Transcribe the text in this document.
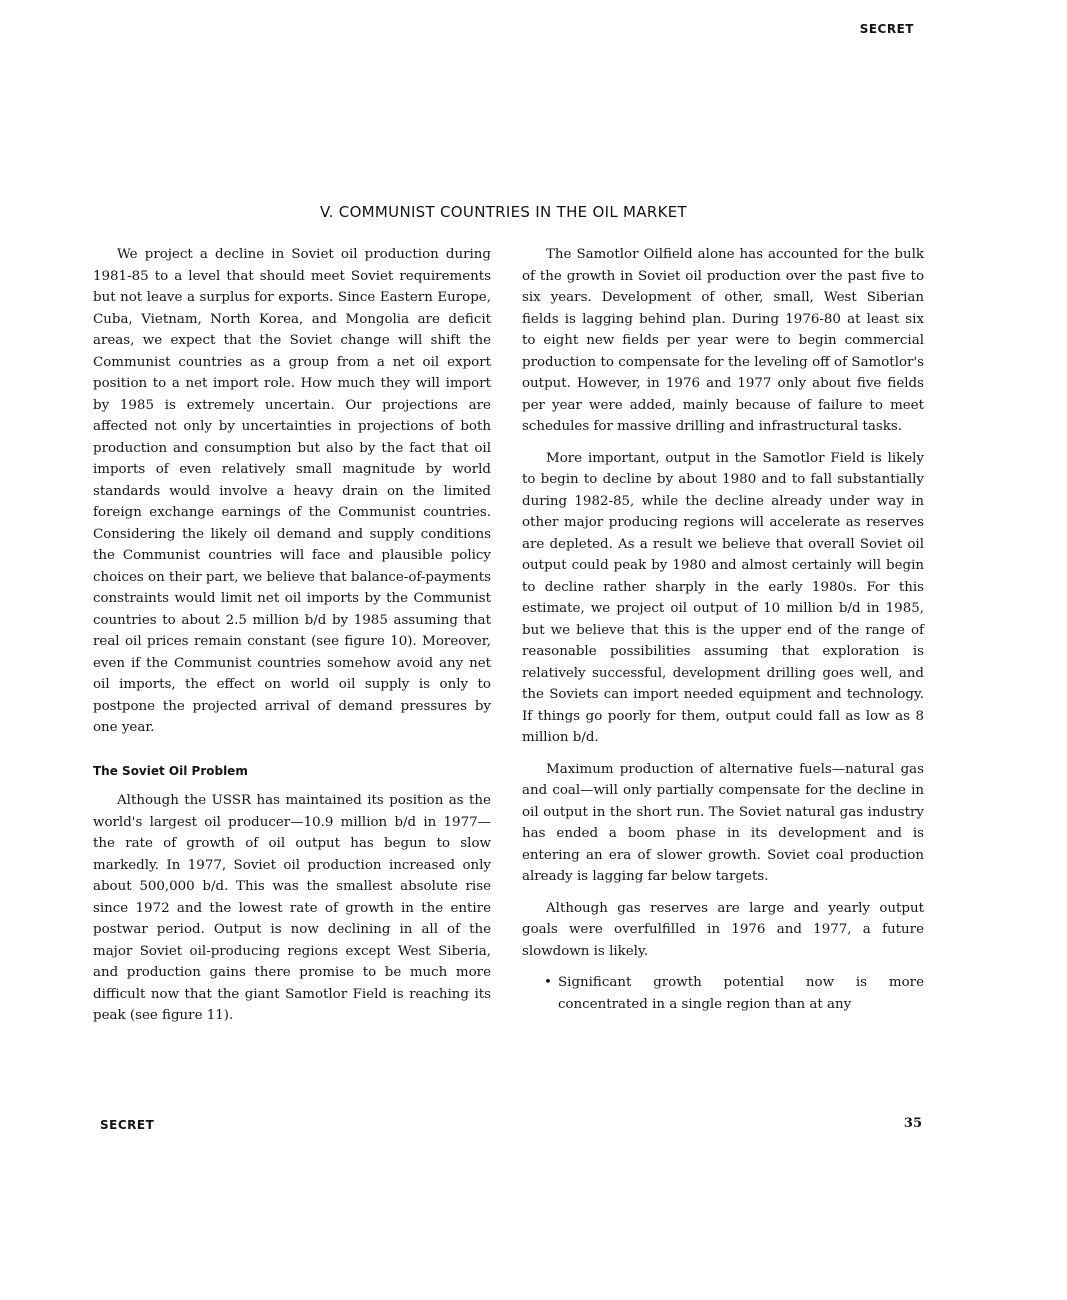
SECRET
V. COMMUNIST COUNTRIES IN THE OIL MARKET

We project a decline in Soviet oil production during 1981-85 to a level that should meet Soviet requirements but not leave a surplus for exports. Since Eastern Europe, Cuba, Vietnam, North Korea, and Mongolia are deficit areas, we expect that the Soviet change will shift the Communist countries as a group from a net oil export position to a net import role. How much they will import by 1985 is extremely uncertain. Our projections are affected not only by uncertainties in projections of both production and consumption but also by the fact that oil imports of even relatively small magnitude by world standards would involve a heavy drain on the limited foreign exchange earnings of the Communist countries. Considering the likely oil demand and supply conditions the Communist countries will face and plausible policy choices on their part, we believe that balance-of-payments constraints would limit net oil imports by the Communist countries to about 2.5 million b/d by 1985 assuming that real oil prices remain constant (see figure 10). Moreover, even if the Communist countries somehow avoid any net oil imports, the effect on world oil supply is only to postpone the projected arrival of demand pressures by one year.

The Soviet Oil Problem

Although the USSR has maintained its position as the world's largest oil producer—10.9 million b/d in 1977—the rate of growth of oil output has begun to slow markedly. In 1977, Soviet oil production increased only about 500,000 b/d. This was the smallest absolute rise since 1972 and the lowest rate of growth in the entire postwar period. Output is now declining in all of the major Soviet oil-producing regions except West Siberia, and production gains there promise to be much more difficult now that the giant Samotlor Field is reaching its peak (see figure 11).

The Samotlor Oilfield alone has accounted for the bulk of the growth in Soviet oil production over the past five to six years. Development of other, small, West Siberian fields is lagging behind plan. During 1976-80 at least six to eight new fields per year were to begin commercial production to compensate for the leveling off of Samotlor's output. However, in 1976 and 1977 only about five fields per year were added, mainly because of failure to meet schedules for massive drilling and infrastructural tasks.

More important, output in the Samotlor Field is likely to begin to decline by about 1980 and to fall substantially during 1982-85, while the decline already under way in other major producing regions will accelerate as reserves are depleted. As a result we believe that overall Soviet oil output could peak by 1980 and almost certainly will begin to decline rather sharply in the early 1980s. For this estimate, we project oil output of 10 million b/d in 1985, but we believe that this is the upper end of the range of reasonable possibilities assuming that exploration is relatively successful, development drilling goes well, and the Soviets can import needed equipment and technology. If things go poorly for them, output could fall as low as 8 million b/d.

Maximum production of alternative fuels—natural gas and coal—will only partially compensate for the decline in oil output in the short run. The Soviet natural gas industry has ended a boom phase in its development and is entering an era of slower growth. Soviet coal production already is lagging far below targets.

Although gas reserves are large and yearly output goals were overfulfilled in 1976 and 1977, a future slowdown is likely.

• Significant growth potential now is more concentrated in a single region than at any
SECRET	35
